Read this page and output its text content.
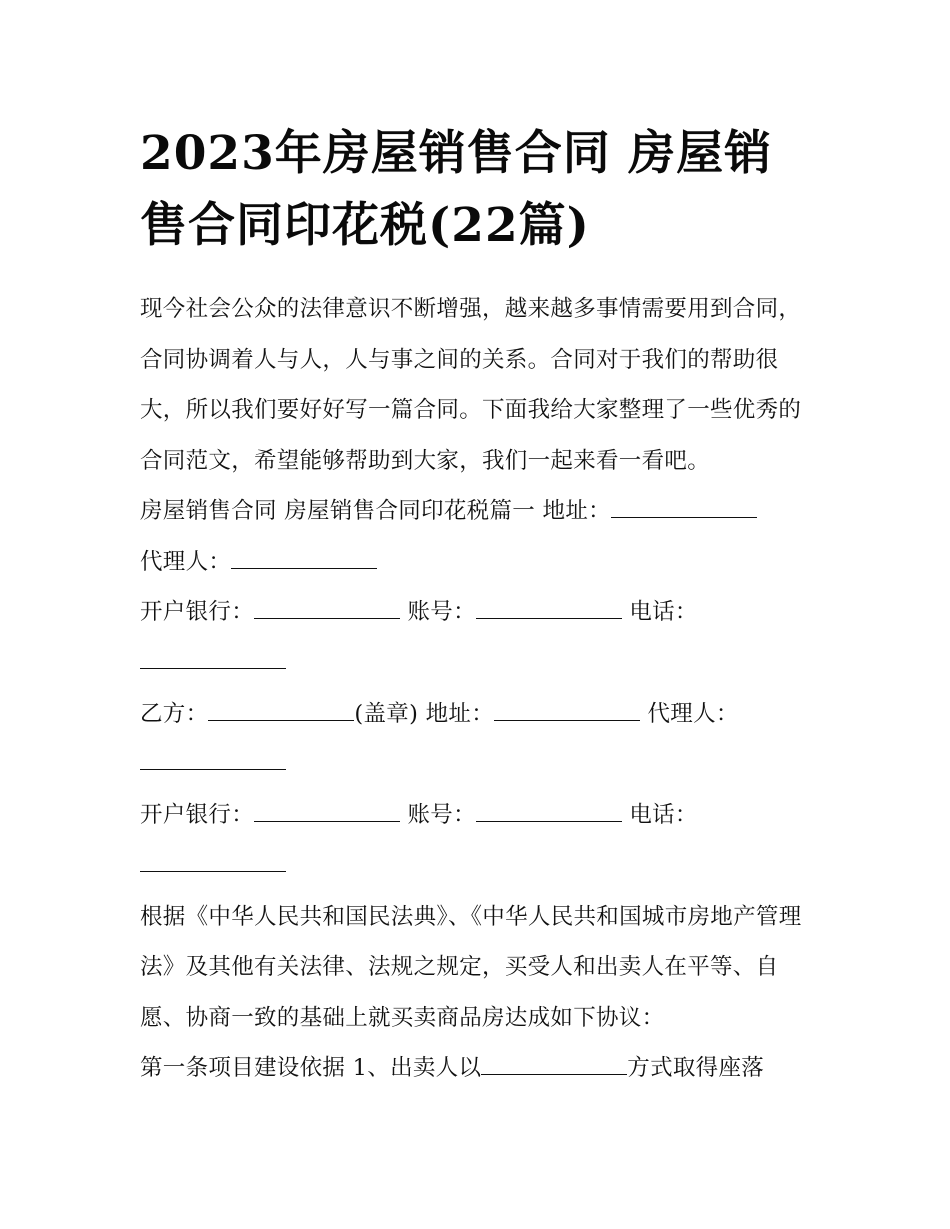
2023年房屋销售合同 房屋销售合同印花税(22篇)

现今社会公众的法律意识不断增强，越来越多事情需要用到合同，合同协调着人与人，人与事之间的关系。合同对于我们的帮助很大，所以我们要好好写一篇合同。下面我给大家整理了一些优秀的合同范文，希望能够帮助到大家，我们一起来看一看吧。

房屋销售合同 房屋销售合同印花税篇一 地址：

代理人：

开户银行：	账号：	电话：

乙方：	(盖章) 地址：	代理人：

开户银行：	账号：	电话：

根据《中华人民共和国民法典》、《中华人民共和国城市房地产管理法》及其他有关法律、法规之规定，买受人和出卖人在平等、自愿、协商一致的基础上就买卖商品房达成如下协议：

第一条项目建设依据 1、出卖人以	方式取得座落
